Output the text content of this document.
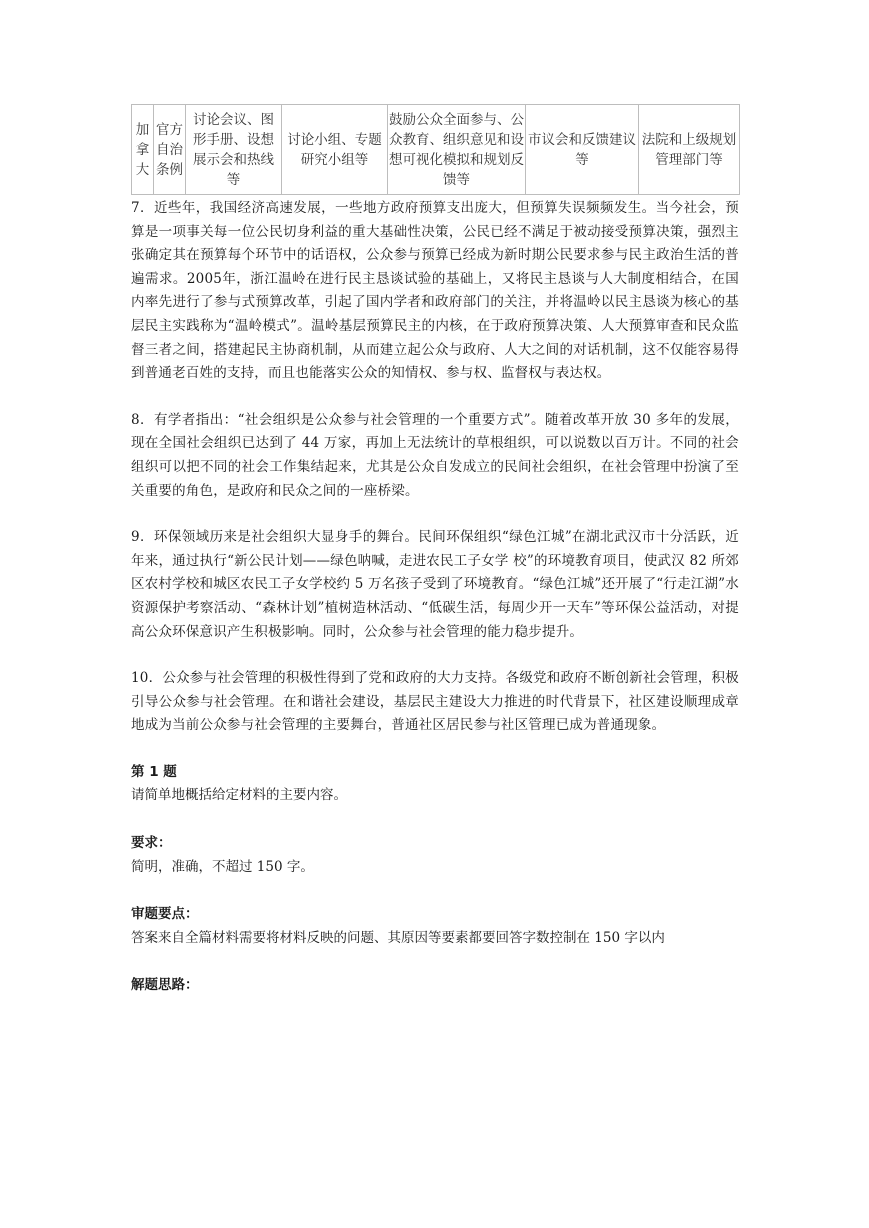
加拿大	官方自治条例	讨论会议、图形手册、设想展示会和热线等	讨论小组、专题研究小组等	鼓励公众全面参与、公众教育、组织意见和设想可视化模拟和规划反馈等	市议会和反馈建议等	法院和上级规划管理部门等

7．近些年，我国经济高速发展，一些地方政府预算支出庞大，但预算失误频频发生。当今社会，预算是一项事关每一位公民切身利益的重大基础性决策，公民已经不满足于被动接受预算决策，强烈主张确定其在预算每个环节中的话语权，公众参与预算已经成为新时期公民要求参与民主政治生活的普遍需求。2005年，浙江温岭在进行民主恳谈试验的基础上，又将民主恳谈与人大制度相结合，在国内率先进行了参与式预算改革，引起了国内学者和政府部门的关注，并将温岭以民主恳谈为核心的基层民主实践称为“温岭模式”。温岭基层预算民主的内核，在于政府预算决策、人大预算审查和民众监督三者之间，搭建起民主协商机制，从而建立起公众与政府、人大之间的对话机制，这不仅能容易得到普通老百姓的支持，而且也能落实公众的知情权、参与权、监督权与表达权。

8．有学者指出：“社会组织是公众参与社会管理的一个重要方式”。随着改革开放 30 多年的发展，现在全国社会组织已达到了 44 万家，再加上无法统计的草根组织，可以说数以百万计。不同的社会组织可以把不同的社会工作集结起来，尤其是公众自发成立的民间社会组织，在社会管理中扮演了至关重要的角色，是政府和民众之间的一座桥梁。

9．环保领域历来是社会组织大显身手的舞台。民间环保组织“绿色江城”在湖北武汉市十分活跃，近年来，通过执行“新公民计划——绿色呐喊，走进农民工子女学 校”的环境教育项目，使武汉 82 所郊区农村学校和城区农民工子女学校约 5 万名孩子受到了环境教育。“绿色江城”还开展了“行走江湖”水资源保护考察活动、“森林计划”植树造林活动、“低碳生活，每周少开一天车”等环保公益活动，对提高公众环保意识产生积极影响。同时，公众参与社会管理的能力稳步提升。

10．公众参与社会管理的积极性得到了党和政府的大力支持。各级党和政府不断创新社会管理，积极引导公众参与社会管理。在和谐社会建设，基层民主建设大力推进的时代背景下，社区建设顺理成章地成为当前公众参与社会管理的主要舞台，普通社区居民参与社区管理已成为普通现象。

第 1 题

请简单地概括给定材料的主要内容。

要求：

简明，准确，不超过 150 字。

审题要点：

答案来自全篇材料需要将材料反映的问题、其原因等要素都要回答字数控制在 150 字以内

解题思路：
